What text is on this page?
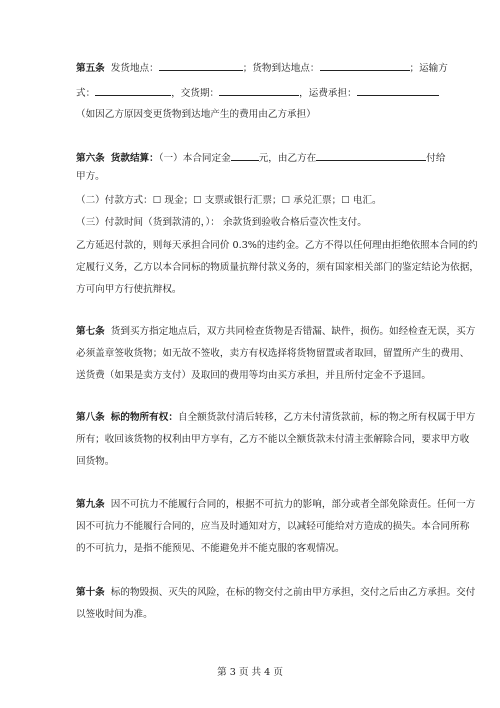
第五条 发货地点：	；货物到达地点：	；运输方
式：	，交货期：	，运费承担：
（如因乙方原因变更货物到达地产生的费用由乙方承担）
第六条 货款结算：（一）本合同定金	元，由乙方在	付给
甲方。
（二）付款方式：☐ 现金；☐ 支票或银行汇票；☐ 承兑汇票；☐ 电汇。
（三）付款时间（货到款清的，）： 余款货到验收合格后壹次性支付。
乙方延迟付款的，则每天承担合同价 0.3%的违约金。乙方不得以任何理由拒绝依照本合同的约
定履行义务，乙方以本合同标的物质量抗辩付款义务的，须有国家相关部门的鉴定结论为依据，
方可向甲方行使抗辩权。
第七条 货到买方指定地点后，双方共同检查货物是否错漏、缺件，损伤。如经检查无误，买方
必须盖章签收货物；如无故不签收，卖方有权选择将货物留置或者取回，留置所产生的费用、
送货费（如果是卖方支付）及取回的费用等均由买方承担，并且所付定金不予退回。
第八条 标的物所有权：自全额货款付清后转移，乙方未付清货款前，标的物之所有权属于甲方
所有；收回该货物的权利由甲方享有，乙方不能以全额货款未付清主张解除合同，要求甲方收
回货物。
第九条 因不可抗力不能履行合同的，根据不可抗力的影响，部分或者全部免除责任。任何一方
因不可抗力不能履行合同的，应当及时通知对方，以减轻可能给对方造成的损失。本合同所称
的不可抗力，是指不能预见、不能避免并不能克服的客观情况。
第十条 标的物毁损、灭失的风险，在标的物交付之前由甲方承担，交付之后由乙方承担。交付
以签收时间为准。
第 3 页 共 4 页
